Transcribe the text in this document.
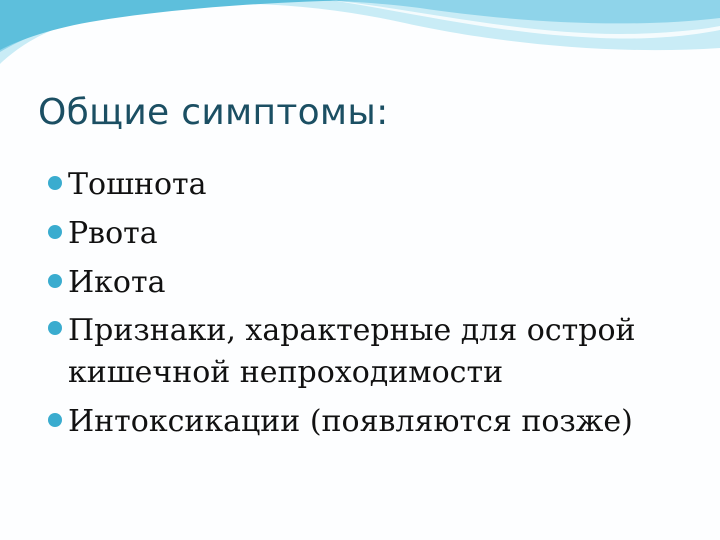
Общие симптомы:
Тошнота
Рвота
Икота
Признаки, характерные для острой кишечной непроходимости
Интоксикации (появляются позже)
